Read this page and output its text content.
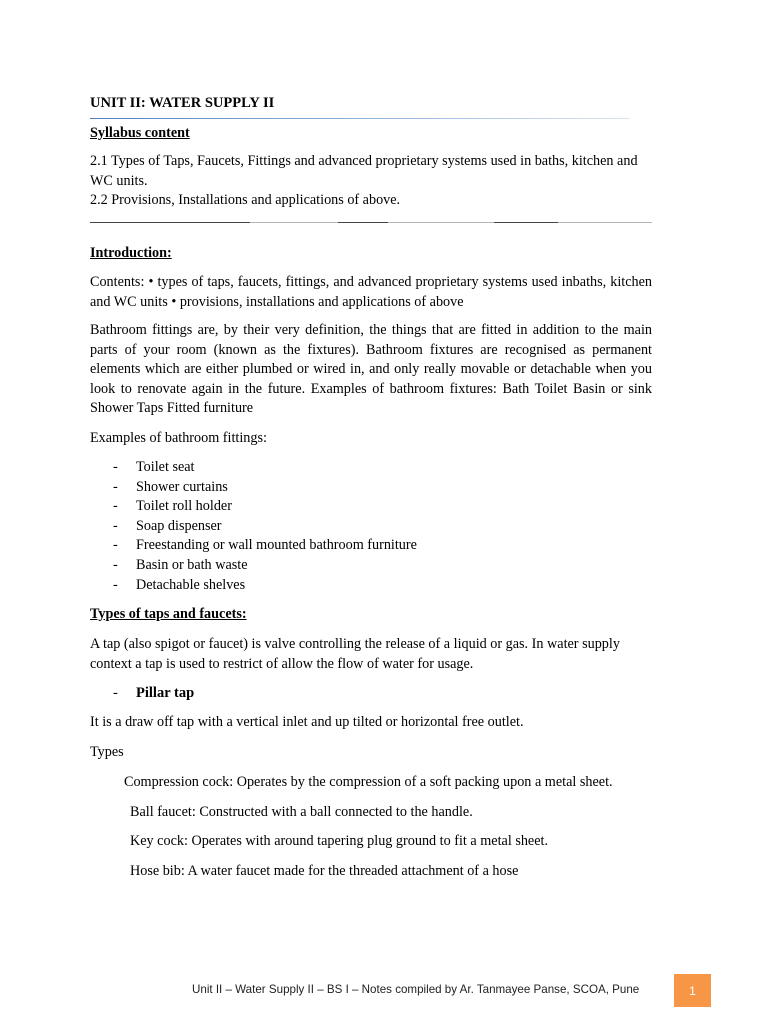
UNIT II: WATER SUPPLY II
Syllabus content
2.1 Types of Taps, Faucets, Fittings and advanced proprietary systems used in baths, kitchen and WC units.
2.2 Provisions, Installations and applications of above.
Introduction:
Contents: • types of taps, faucets, fittings, and advanced proprietary systems used inbaths, kitchen and WC units • provisions, installations and applications of above
Bathroom fittings are, by their very definition, the things that are fitted in addition to the main parts of your room (known as the fixtures). Bathroom fixtures are recognised as permanent elements which are either plumbed or wired in, and only really movable or detachable when you look to renovate again in the future. Examples of bathroom fixtures: Bath Toilet Basin or sink Shower Taps Fitted furniture
Examples of bathroom fittings:
- Toilet seat
- Shower curtains
- Toilet roll holder
- Soap dispenser
- Freestanding or wall mounted bathroom furniture
- Basin or bath waste
- Detachable shelves
Types of taps and faucets:
A tap (also spigot or faucet) is valve controlling the release of a liquid or gas. In water supply context a tap is used to restrict of allow the flow of water for usage.
- Pillar tap
It is a draw off tap with a vertical inlet and up tilted or horizontal free outlet.
Types
Compression cock: Operates by the compression of a soft packing upon a metal sheet.
Ball faucet: Constructed with a ball connected to the handle.
Key cock: Operates with around tapering plug ground to fit a metal sheet.
Hose bib: A water faucet made for the threaded attachment of a hose
Unit II – Water Supply II – BS I – Notes compiled by Ar. Tanmayee Panse, SCOA, Pune	1
